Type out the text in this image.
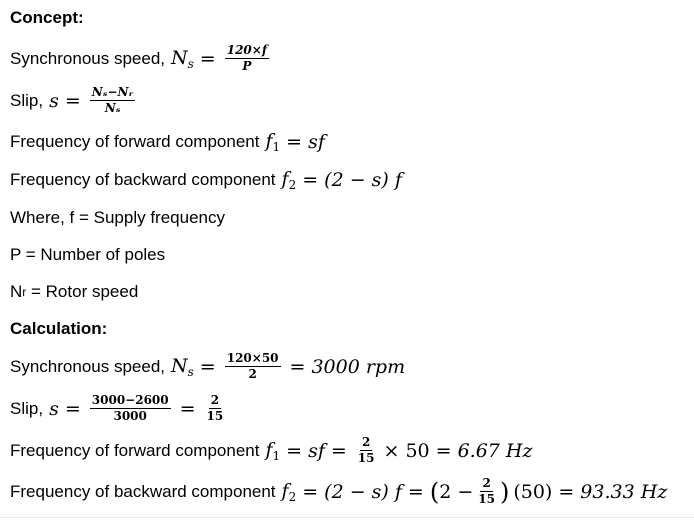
Concept:
Synchronous speed, $N_s = \frac{120\times f}{P}$
Slip, $s = \frac{\text{Nₛ−Nᵣ}}{\text{Nₛ}}$
Frequency of forward component $f_1$ = sf
Frequency of backward component $f_2 = (2 - s)$ f
Where, f = Supply frequency
P = Number of poles
N r = Rotor speed
Calculation:
Synchronous speed, $N_s = \frac{120\times 50}{2} = 3000$ rpm
Slip, $s = \frac{3000-2600}{3000} = \frac{2}{15}$
Frequency of forward component $f_1$ = sf = $\frac{2}{15} \times 50 = 6.67$ Hz
Frequency of backward component $f_2 = (2 - s) f$ = ( $2 - \frac{2}{15}$ ) (50) = 93.33 Hz
